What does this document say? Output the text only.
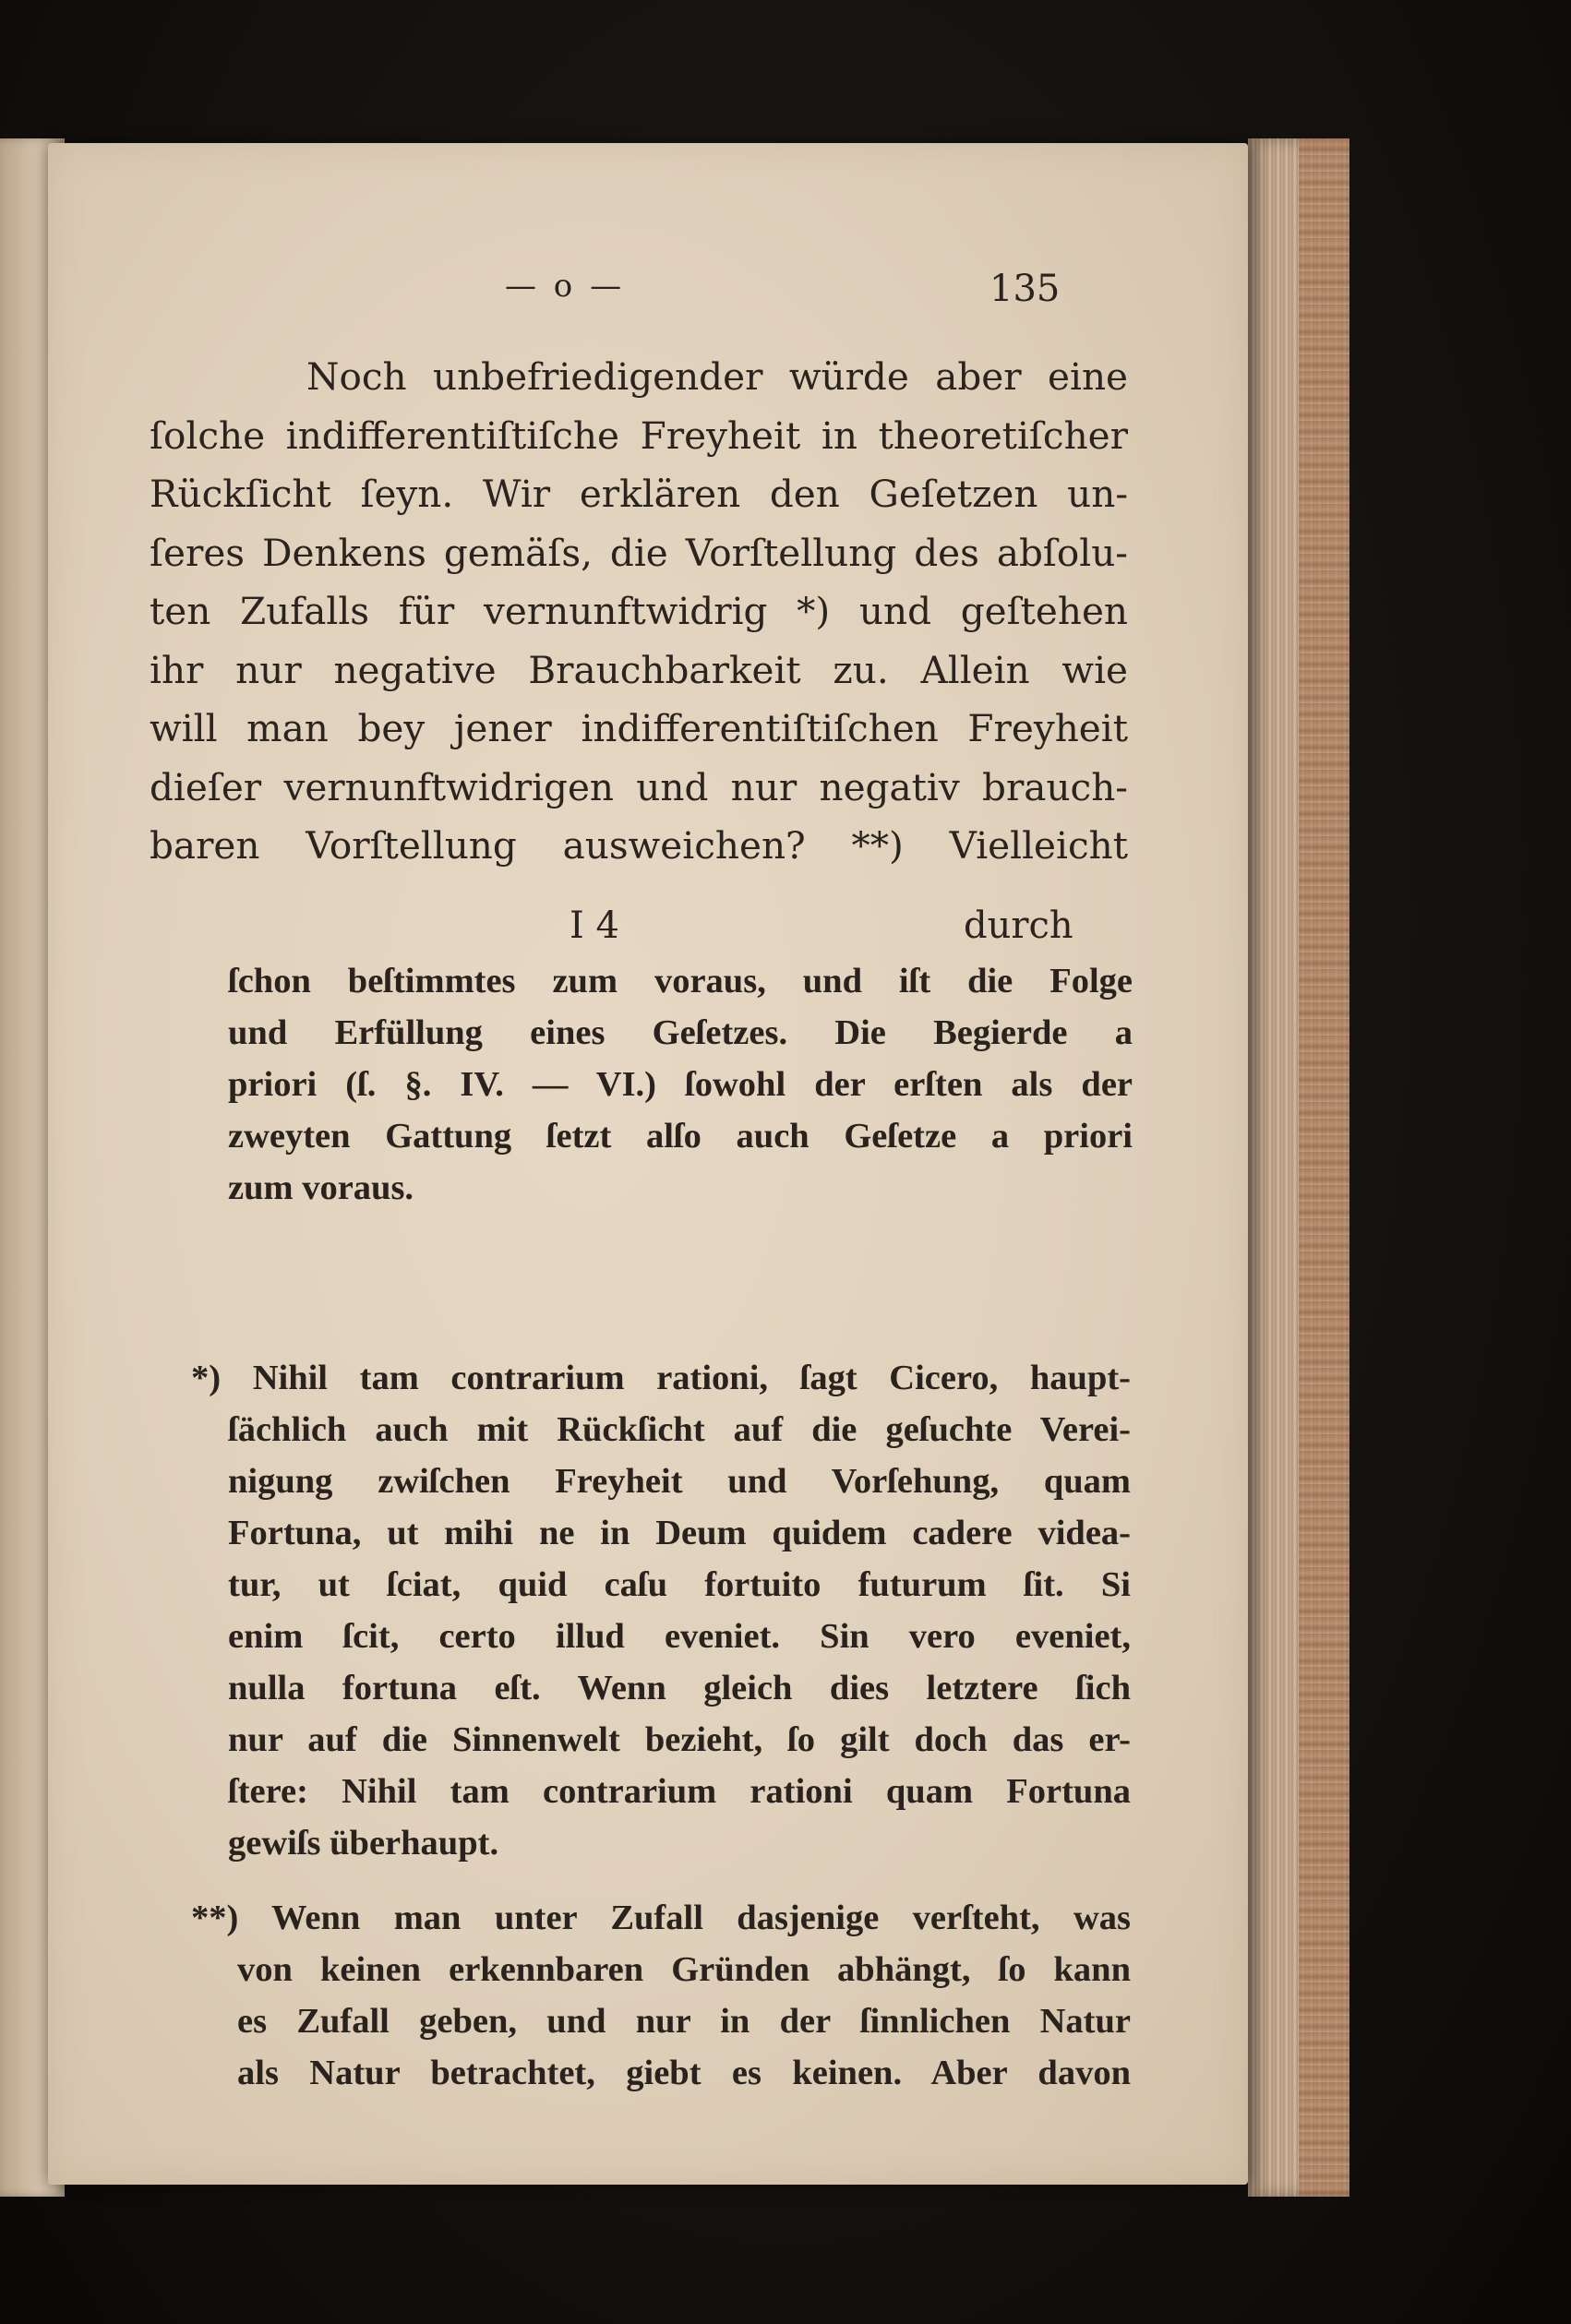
— o —	135
Noch unbefriedigender würde aber eine
ſolche indifferentiſtiſche Freyheit in theoretiſcher
Rückſicht ſeyn. Wir erklären den Geſetzen un-
ſeres Denkens gemäſs, die Vorſtellung des abſolu-
ten Zufalls für vernunftwidrig *) und geſtehen
ihr nur negative Brauchbarkeit zu. Allein wie
will man bey jener indifferentiſtiſchen Freyheit
dieſer vernunftwidrigen und nur negativ brauch-
baren Vorſtellung ausweichen? **) Vielleicht
I 4	durch
ſchon beſtimmtes zum voraus, und iſt die Folge
und Erfüllung eines Geſetzes. Die Begierde a
priori (ſ. §. IV. — VI.) ſowohl der erſten als der
zweyten Gattung ſetzt alſo auch Geſetze a priori
zum voraus.
*) Nihil tam contrarium rationi, ſagt Cicero, haupt-
ſächlich auch mit Rückſicht auf die geſuchte Verei-
nigung zwiſchen Freyheit und Vorſehung, quam
Fortuna, ut mihi ne in Deum quidem cadere videa-
tur, ut ſciat, quid caſu fortuito futurum ſit. Si
enim ſcit, certo illud eveniet. Sin vero eveniet,
nulla fortuna eſt. Wenn gleich dies letztere ſich
nur auf die Sinnenwelt bezieht, ſo gilt doch das er-
ſtere: Nihil tam contrarium rationi quam Fortuna
gewiſs überhaupt.
**) Wenn man unter Zufall dasjenige verſteht, was
von keinen erkennbaren Gründen abhängt, ſo kann
es Zufall geben, und nur in der ſinnlichen Natur
als Natur betrachtet, giebt es keinen. Aber davon
